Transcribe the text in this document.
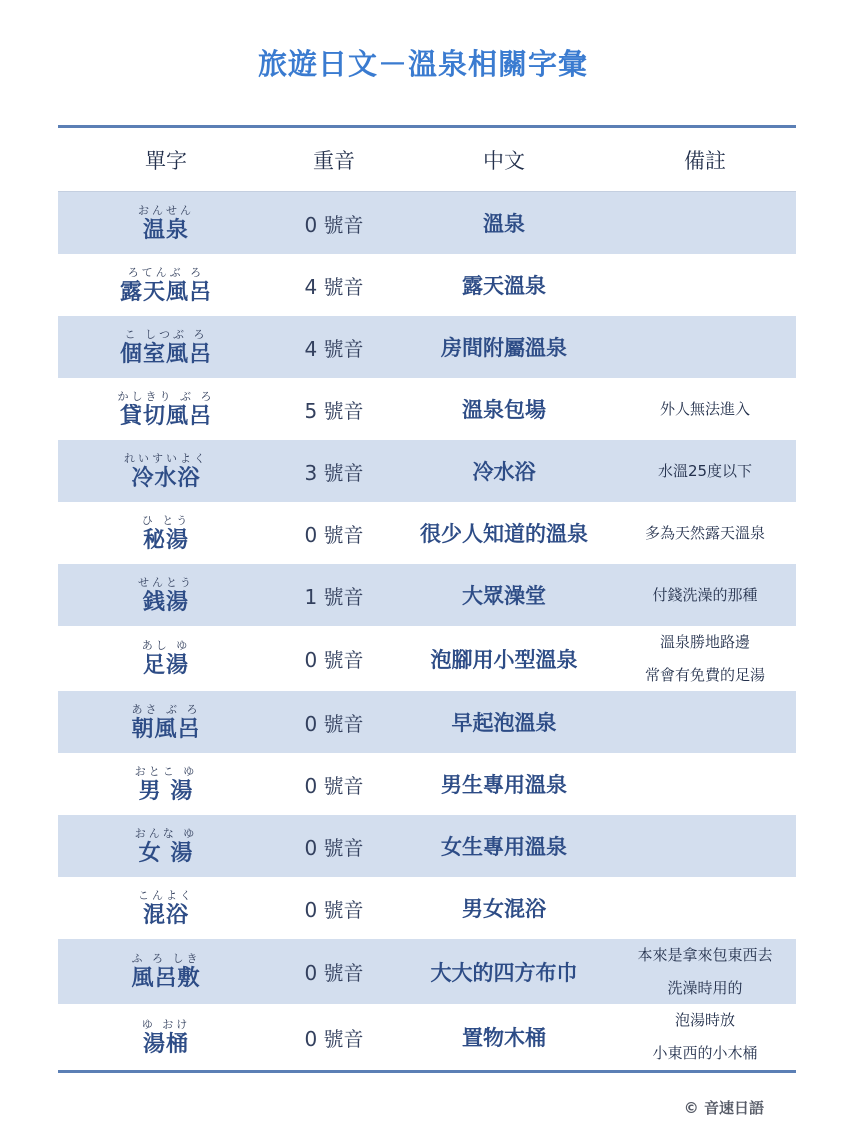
旅遊日文－溫泉相關字彙
單字	重音	中文	備註
おんせん
温泉	0 號音	溫泉
ろてんぶ ろ
露天風呂	4 號音	露天溫泉
こ しつぶ ろ
個室風呂	4 號音	房間附屬溫泉
かしきり ぶ ろ
貸切風呂	5 號音	溫泉包場	外人無法進入
れいすいよく
冷水浴	3 號音	冷水浴	水溫25度以下
ひ とう
秘湯	0 號音	很少人知道的溫泉	多為天然露天溫泉
せんとう
銭湯	1 號音	大眾澡堂	付錢洗澡的那種
あし ゆ
足湯	0 號音	泡腳用小型溫泉
溫泉勝地路邊
常會有免費的足湯
あさ ぶ ろ
朝風呂	0 號音	早起泡溫泉
おとこ ゆ
男 湯	0 號音	男生專用溫泉
おんな ゆ
女 湯	0 號音	女生專用溫泉
こんよく
混浴	0 號音	男女混浴
ふ ろ しき
風呂敷	0 號音	大大的四方布巾
本來是拿來包東西去
洗澡時用的
ゆ おけ
湯桶	0 號音	置物木桶
泡湯時放
小東西的小木桶
© 音速日語
